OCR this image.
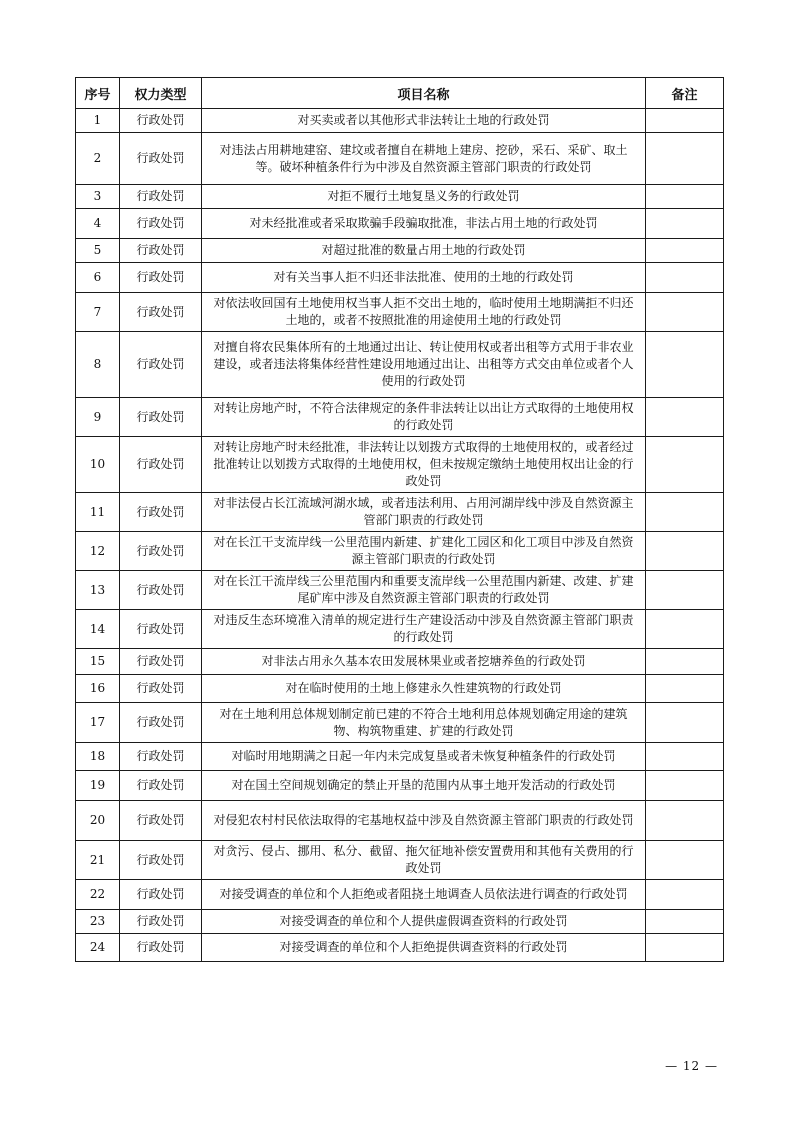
序号	权力类型	项目名称	备注
1	行政处罚	对买卖或者以其他形式非法转让土地的行政处罚	
2	行政处罚	对违法占用耕地建窑、建坟或者擅自在耕地上建房、挖砂，采石、采矿、取土等。破坏种植条件行为中涉及自然资源主管部门职责的行政处罚	
3	行政处罚	对拒不履行土地复垦义务的行政处罚	
4	行政处罚	对未经批准或者采取欺骗手段骗取批准，非法占用土地的行政处罚	
5	行政处罚	对超过批准的数量占用土地的行政处罚	
6	行政处罚	对有关当事人拒不归还非法批准、使用的土地的行政处罚	
7	行政处罚	对依法收回国有土地使用权当事人拒不交出土地的，临时使用土地期满拒不归还土地的，或者不按照批准的用途使用土地的行政处罚	
8	行政处罚	对擅自将农民集体所有的土地通过出让、转让使用权或者出租等方式用于非农业建设，或者违法将集体经营性建设用地通过出让、出租等方式交由单位或者个人使用的行政处罚	
9	行政处罚	对转让房地产时，不符合法律规定的条件非法转让以出让方式取得的土地使用权的行政处罚	
10	行政处罚	对转让房地产时未经批准，非法转让以划拨方式取得的土地使用权的，或者经过批准转让以划拨方式取得的土地使用权，但未按规定缴纳土地使用权出让金的行政处罚	
11	行政处罚	对非法侵占长江流域河湖水域，或者违法利用、占用河湖岸线中涉及自然资源主管部门职责的行政处罚	
12	行政处罚	对在长江干支流岸线一公里范围内新建、扩建化工园区和化工项目中涉及自然资源主管部门职责的行政处罚	
13	行政处罚	对在长江干流岸线三公里范围内和重要支流岸线一公里范围内新建、改建、扩建尾矿库中涉及自然资源主管部门职责的行政处罚	
14	行政处罚	对违反生态环境准入清单的规定进行生产建设活动中涉及自然资源主管部门职责的行政处罚	
15	行政处罚	对非法占用永久基本农田发展林果业或者挖塘养鱼的行政处罚	
16	行政处罚	对在临时使用的土地上修建永久性建筑物的行政处罚	
17	行政处罚	对在土地利用总体规划制定前已建的不符合土地利用总体规划确定用途的建筑物、构筑物重建、扩建的行政处罚	
18	行政处罚	对临时用地期满之日起一年内未完成复垦或者未恢复种植条件的行政处罚	
19	行政处罚	对在国土空间规划确定的禁止开垦的范围内从事土地开发活动的行政处罚	
20	行政处罚	对侵犯农村村民依法取得的宅基地权益中涉及自然资源主管部门职责的行政处罚	
21	行政处罚	对贪污、侵占、挪用、私分、截留、拖欠征地补偿安置费用和其他有关费用的行政处罚	
22	行政处罚	对接受调查的单位和个人拒绝或者阻挠土地调查人员依法进行调查的行政处罚	
23	行政处罚	对接受调查的单位和个人提供虚假调查资料的行政处罚	
24	行政处罚	对接受调查的单位和个人拒绝提供调查资料的行政处罚	
— 12 —
